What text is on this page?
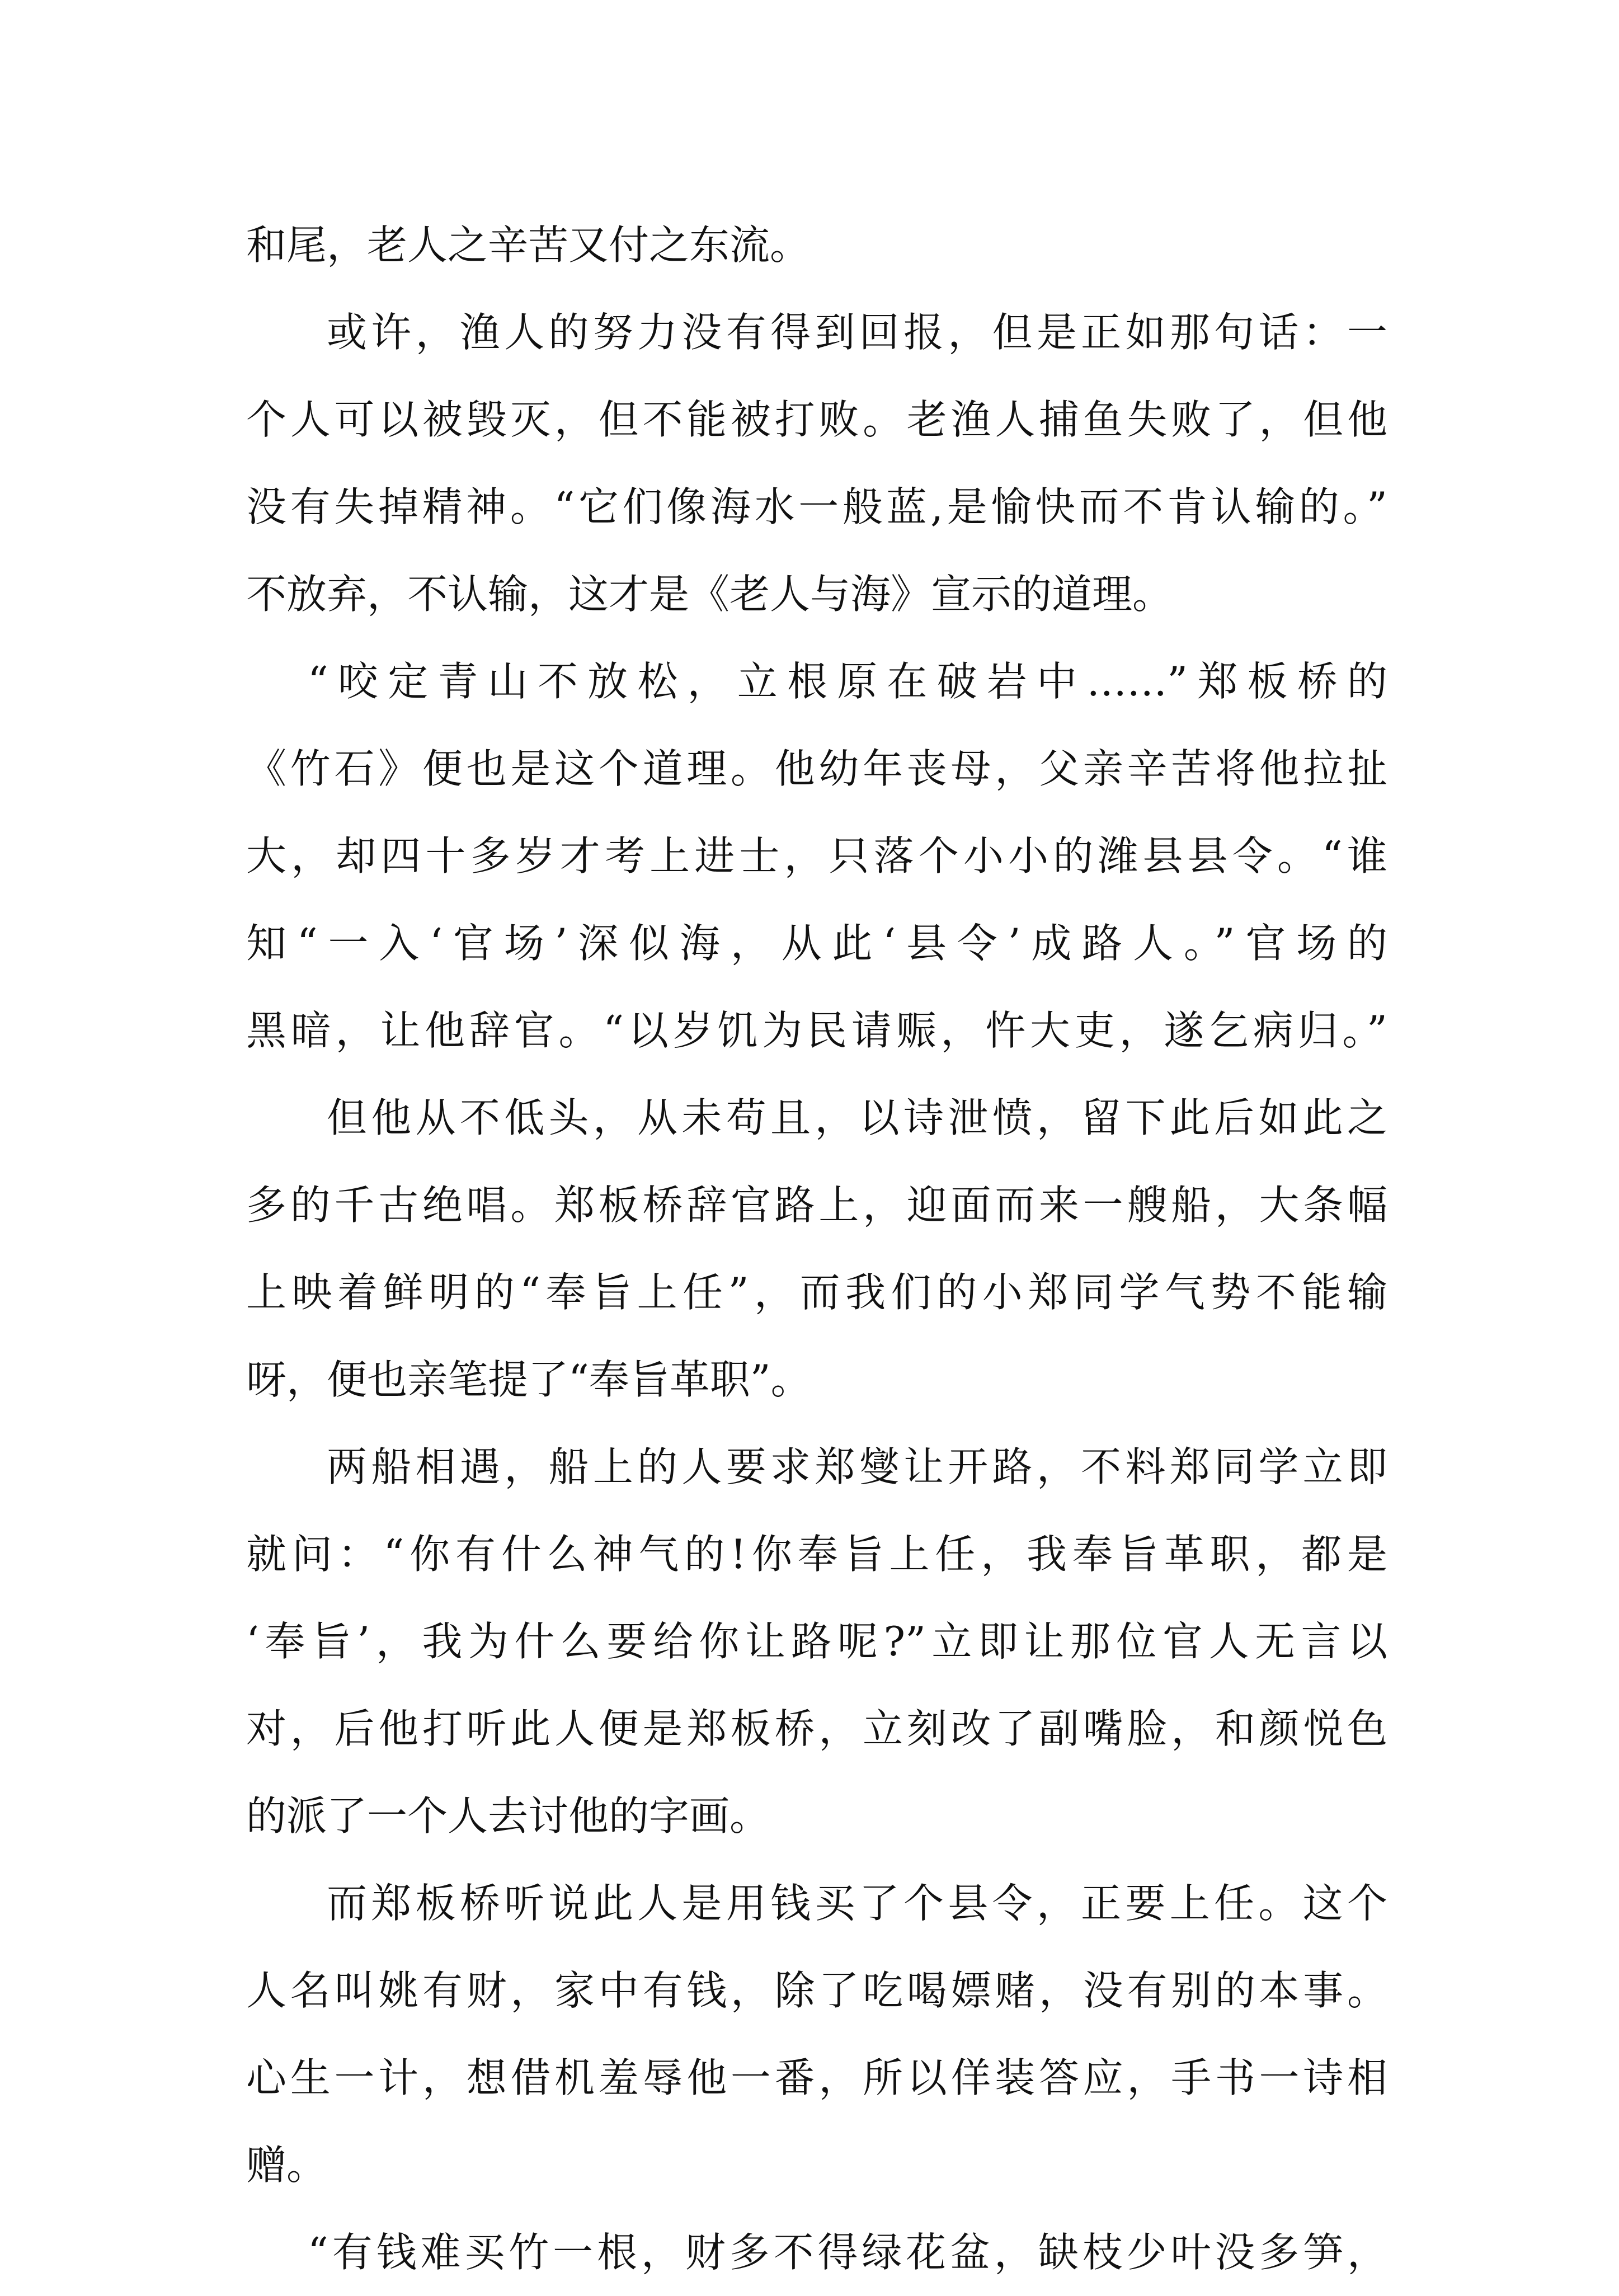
和尾，老人之辛苦又付之东流。
或许，渔人的努力没有得到回报，但是正如那句话：一
个人可以被毁灭，但不能被打败。老渔人捕鱼失败了，但他
没有失掉精神。“它们像海水一般蓝,是愉快而不肯认输的。”
不放弃，不认输，这才是《老人与海》宣示的道理。
“咬定青山不放松，立根原在破岩中……”郑板桥的
《竹石》便也是这个道理。他幼年丧母，父亲辛苦将他拉扯
大，却四十多岁才考上进士，只落个小小的潍县县令。“谁
知“一入‘官场’深似海，从此‘县令’成路人。”官场的
黑暗，让他辞官。“以岁饥为民请赈，忤大吏，遂乞病归。”
但他从不低头，从未苟且，以诗泄愤，留下此后如此之
多的千古绝唱。郑板桥辞官路上，迎面而来一艘船，大条幅
上映着鲜明的“奉旨上任”，而我们的小郑同学气势不能输
呀，便也亲笔提了“奉旨革职”。
两船相遇，船上的人要求郑燮让开路，不料郑同学立即
就问：“你有什么神气的!你奉旨上任，我奉旨革职，都是
‘奉旨’，我为什么要给你让路呢?”立即让那位官人无言以
对，后他打听此人便是郑板桥，立刻改了副嘴脸，和颜悦色
的派了一个人去讨他的字画。
而郑板桥听说此人是用钱买了个县令，正要上任。这个
人名叫姚有财，家中有钱，除了吃喝嫖赌，没有别的本事。
心生一计，想借机羞辱他一番，所以佯装答应，手书一诗相
赠。
“有钱难买竹一根，财多不得绿花盆，缺枝少叶没多笋，
